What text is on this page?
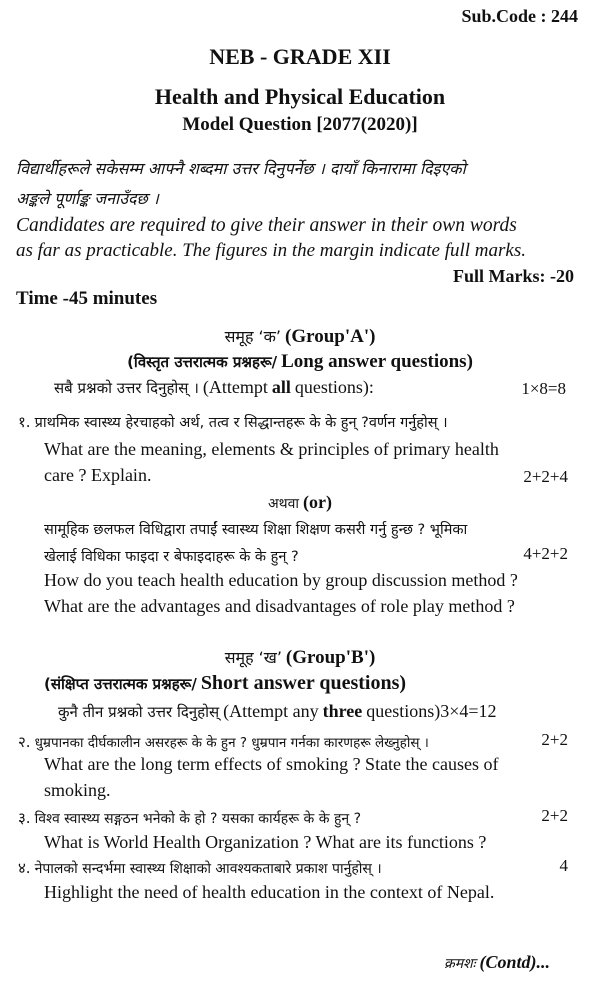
Sub.Code : 244
NEB - GRADE XII
Health and Physical Education
Model Question [2077(2020)]
विद्यार्थीहरूले सकेसम्म आफ्नै शब्दमा उत्तर दिनुपर्नेछ । दायाँ किनारामा दिइएको
अङ्कले पूर्णाङ्क जनाउँदछ ।
Candidates are required to give their answer in their own words
as far as practicable. The figures in the margin indicate full marks.
Full Marks: -20
Time -45 minutes
समूह ‘क’ (Group'A')
(विस्तृत उत्तरात्मक प्रश्नहरू/ Long answer questions)
सबै प्रश्नको उत्तर दिनुहोस् । (Attempt all questions):	1×8=8
१. प्राथमिक स्वास्थ्य हेरचाहको अर्थ, तत्व र सिद्धान्तहरू के के हुन् ?वर्णन गर्नुहोस् ।
What are the meaning, elements & principles of primary health
care ? Explain.	2+2+4
अथवा (or)
सामूहिक छलफल विधिद्वारा तपाईं स्वास्थ्य शिक्षा शिक्षण कसरी गर्नु हुन्छ ? भूमिका
खेलाई विधिका फाइदा र बेफाइदाहरू के के हुन् ?	4+2+2
How do you teach health education by group discussion method ?
What are the advantages and disadvantages of role play method ?
समूह ‘ख’ (Group'B')
(संक्षिप्त उत्तरात्मक प्रश्नहरू/ Short answer questions)
कुनै तीन प्रश्नको उत्तर दिनुहोस् (Attempt any three questions)3×4=12
२. धुम्रपानका दीर्घकालीन असरहरू के के हुन ? धुम्रपान गर्नका कारणहरू लेख्नुहोस् ।	2+2
What are the long term effects of smoking ? State the causes of
smoking.
३. विश्व स्वास्थ्य सङ्गठन भनेको के हो ? यसका कार्यहरू के के हुन् ?	2+2
What is World Health Organization ? What are its functions ?
४. नेपालको सन्दर्भमा स्वास्थ्य शिक्षाको आवश्यकताबारे प्रकाश पार्नुहोस् ।	4
Highlight the need of health education in the context of Nepal.
क्रमशः (Contd)...
